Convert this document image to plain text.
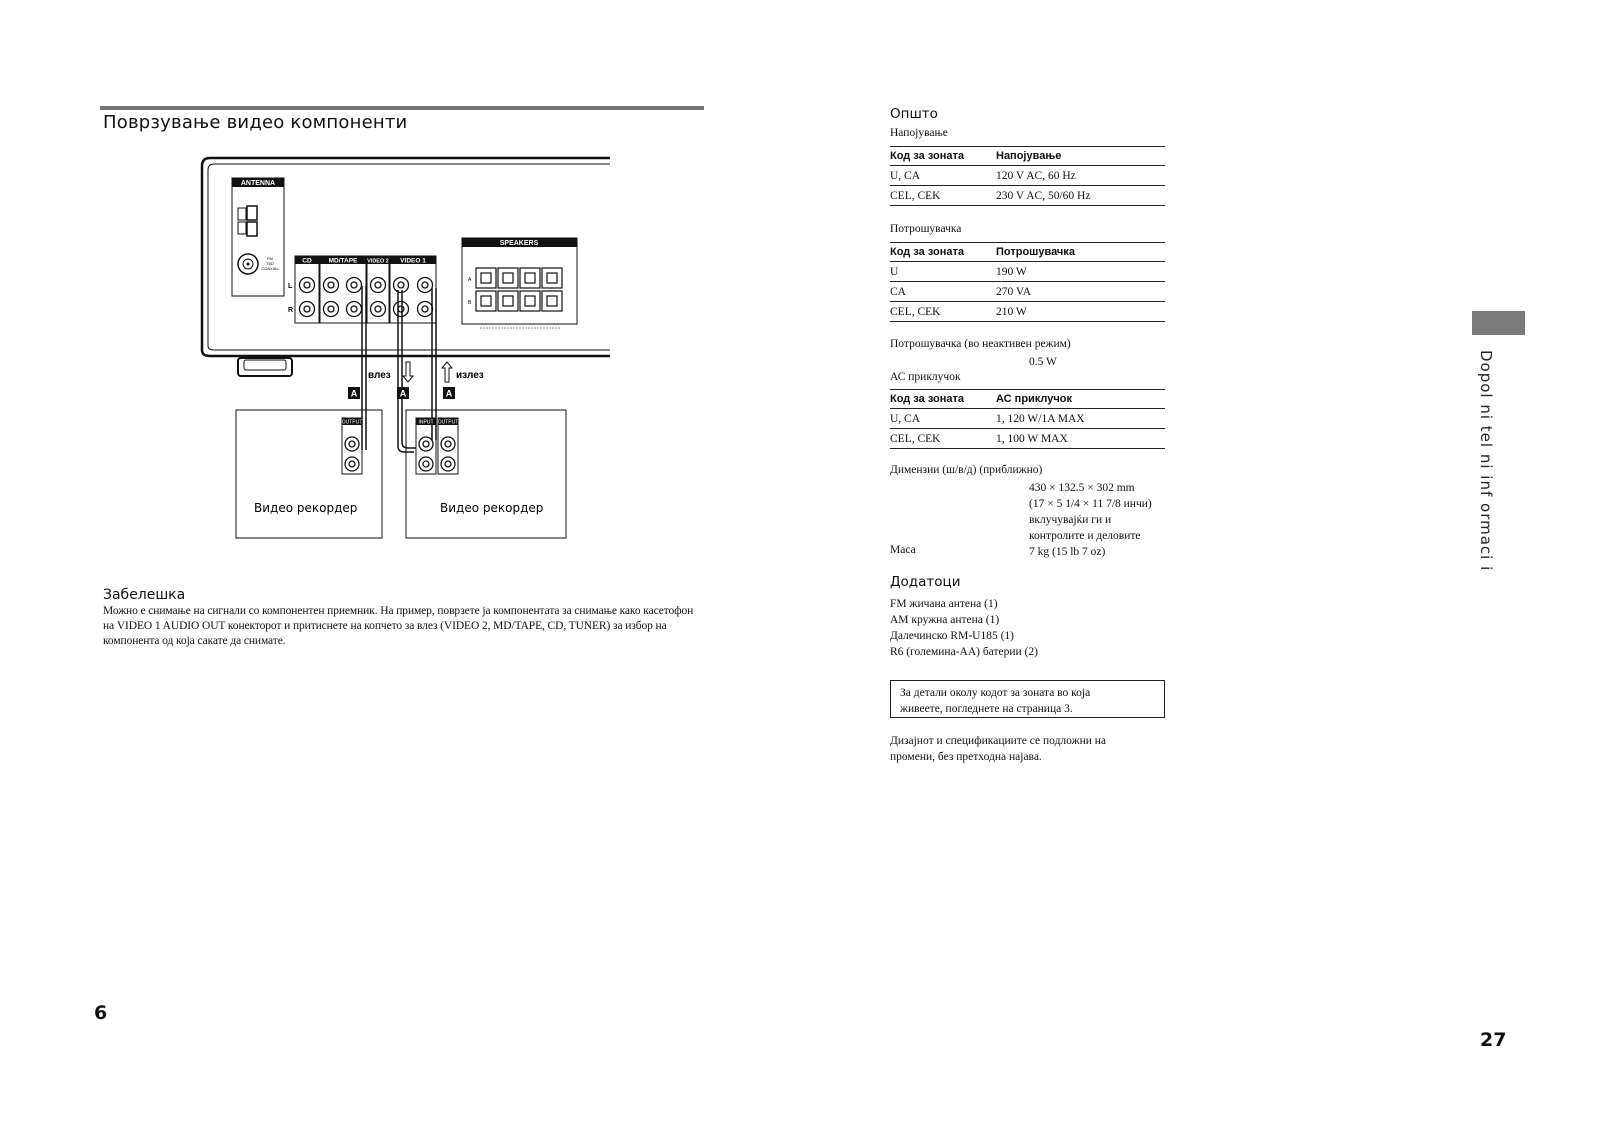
Поврзување видео компоненти
ANTENNA
FM
75Ω
COAXIAL
L
R
CD	MD/TAPE VIDEO 2 VIDEO 1
SPEAKERS
A
B
влез	излез
A	A	A
OUTPUT
Видео рекордер
INPUT OUTPUT
Видео рекордер
Забелешка
Можно е снимање на сигнали со компонентен приемник. На пример, поврзете ја компонентата за снимање како касетофон на VIDEO 1 AUDIO OUT конекторот и притиснете на копчето за влез (VIDEO 2, MD/TAPE, CD, TUNER) за избор на компонента од која сакате да снимате.
6
Општо
Напојување
Код за зоната	Напојување
U, CA	120 V AC, 60 Hz
CEL, CEK	230 V AC, 50/60 Hz
Потрошувачка
Код за зоната	Потрошувачка
U	190 W
CA	270 VA
CEL, CEK	210 W
Потрошувачка (во неактивен режим)
0.5 W
АС приклучок
Код за зоната	АС приклучок
U, CA	1, 120 W/1A MAX
CEL, CEK	1, 100 W MAX
Димензии (ш/в/д) (приближно)
430 × 132.5 × 302 mm
(17 × 5 1/4 × 11 7/8 инчи)
вклучувајќи ги и
контролите и деловите
Маса	7 kg (15 lb 7 oz)
Додатоци
FM жичана антена (1)
AM кружна антена (1)
Далечинско RM-U185 (1)
R6 (големина-AA) батерии (2)
За детали околу кодот за зоната во која
живеете, погледнете на страница 3.
Дизајнот и спецификациите се подложни на
промени, без претходна најава.
Dopol ni tel ni inf ormaci i
27
